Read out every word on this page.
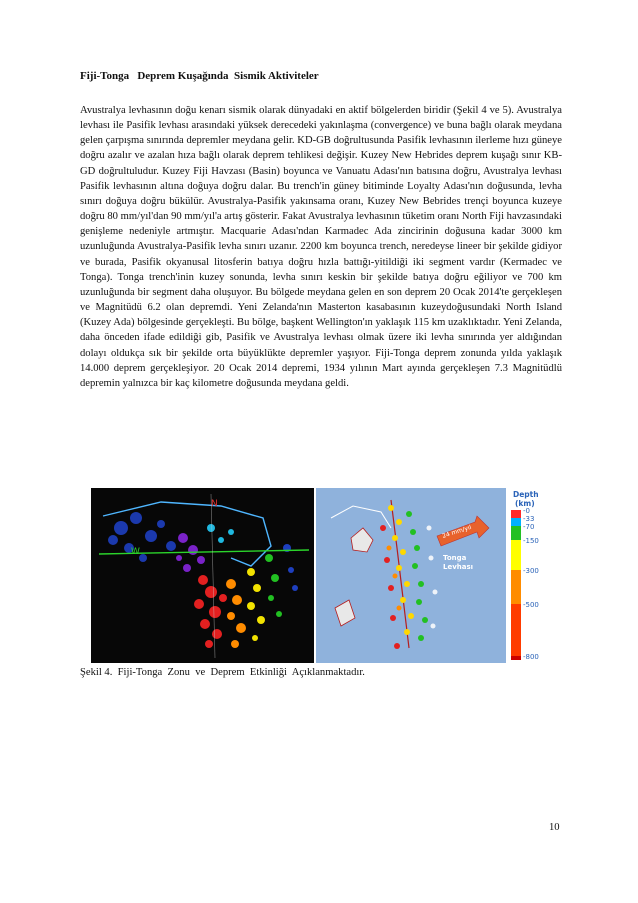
Fiji-Tonga   Deprem Kuşağında  Sismik Aktiviteler

Avustralya levhasının doğu kenarı sismik olarak dünyadaki en aktif bölgelerden biridir (Şekil 4 ve 5). Avustralya levhası ile Pasifik levhası arasındaki yüksek derecedeki yakınlaşma (convergence) ve buna bağlı olarak meydana gelen çarpışma sınırında depremler meydana gelir. KD-GB doğrultusunda Pasifik levhasının ilerleme hızı güneye doğru azalır ve azalan hıza bağlı olarak deprem tehlikesi değişir. Kuzey New Hebrides deprem kuşağı sınır KB-GD doğrultuludur. Kuzey Fiji Havzası (Basin) boyunca ve Vanuatu Adası'nın batısına doğru, Avustralya levhası Pasifik levhasının altına doğuya doğru dalar. Bu trench'in güney bitiminde Loyalty Adası'nın doğusunda, levha sınırı doğuya doğru bükülür. Avustralya-Pasifik yakınsama oranı, Kuzey New Bebrides trençi boyunca kuzeye doğru 80 mm/yıl'dan 90 mm/yıl'a artış gösterir. Fakat Avustralya levhasının tüketim oranı North Fiji havzasındaki genişleme nedeniyle artmıştır. Macquarie Adası'ndan Karmadec Ada zincirinin doğusuna kadar 3000 km uzunluğunda Avustralya-Pasifik levha sınırı uzanır. 2200 km boyunca trench, neredeyse lineer bir şekilde gidiyor ve burada, Pasifik okyanusal litosferin batıya doğru hızla battığı-yitildiği iki segment vardır (Kermadec ve Tonga). Tonga trench'inin kuzey sonunda, levha sınırı keskin bir şekilde batıya doğru eğiliyor ve 700 km uzunluğunda bir segment daha oluşuyor. Bu bölgede meydana gelen en son deprem 20 Ocak 2014'te gerçekleşen ve Magnitüdü 6.2 olan depremdi. Yeni Zelanda'nın Masterton kasabasının kuzeydoğusundaki North Island (Kuzey Ada) bölgesinde gerçekleşti. Bu bölge, başkent Wellington'ın yaklaşık 115 km uzaklıktadır. Yeni Zelanda, daha önceden ifade edildiği gib, Pasifik ve Avustralya levhası olmak üzere iki levha sınırında yer aldığından dolayı oldukça sık bir şekilde orta büyüklükte depremler yaşıyor. Fiji-Tonga deprem zonunda yılda yaklaşık 14.000 deprem gerçekleşiyor. 20 Ocak 2014 depremi, 1934 yılının Mart ayında gerçekleşen 7.3 Magnitüdlü depremin yalnızca bir kaç kilometre doğusunda meydana geldi.

N
W
24 mm/yıl
Tonga
Levhası
Depth
(km)
-0
-33
-70
-150
-300
-500
-800
Şekil 4.  Fiji-Tonga  Zonu  ve  Deprem  Etkinliği  Açıklanmaktadır.
10
